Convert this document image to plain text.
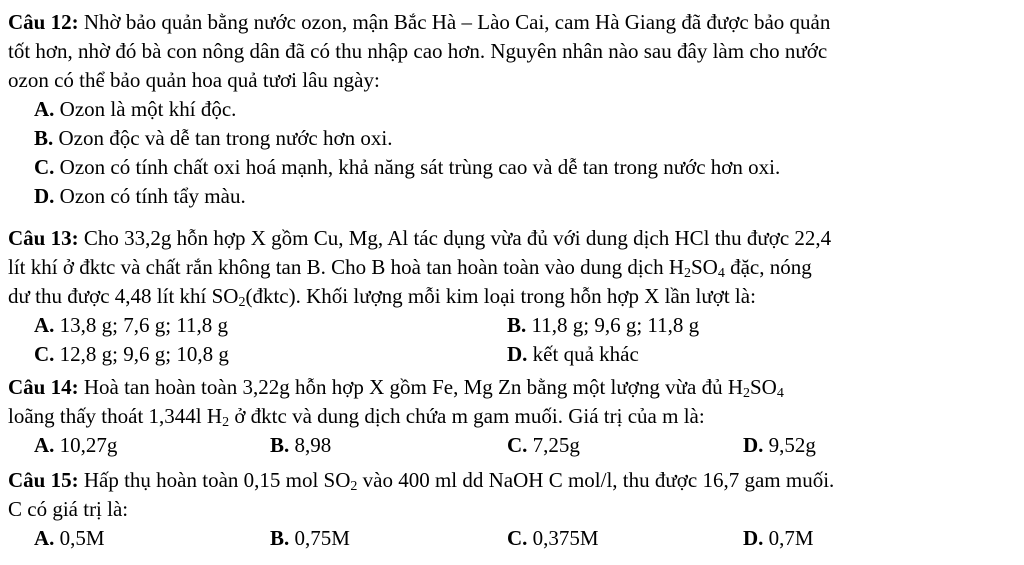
Câu 12: Nhờ bảo quản bằng nước ozon, mận Bắc Hà – Lào Cai, cam Hà Giang đã được bảo quản

tốt hơn, nhờ đó bà con nông dân đã có thu nhập cao hơn. Nguyên nhân nào sau đây làm cho nước

ozon có thể bảo quản hoa quả tươi lâu ngày:

A. Ozon là một khí độc.

B. Ozon độc và dễ tan trong nước hơn oxi.

C. Ozon có tính chất oxi hoá mạnh, khả năng sát trùng cao và dễ tan trong nước hơn oxi.

D. Ozon có tính tẩy màu.

Câu 13: Cho 33,2g hỗn hợp X gồm Cu, Mg, Al tác dụng vừa đủ với dung dịch HCl thu được 22,4

lít khí ở đktc và chất rắn không tan B. Cho B hoà tan hoàn toàn vào dung dịch $H_2SO_4$ đặc, nóng

dư thu được 4,48 lít khí $SO_2(đktc)$. Khối lượng mỗi kim loại trong hỗn hợp X lần lượt là:

A. 13,8 g; 7,6 g; 11,8 g	B. 11,8 g; 9,6 g; 11,8 g
C. 12,8 g; 9,6 g; 10,8 g	D. kết quả khác

Câu 14: Hoà tan hoàn toàn 3,22g hỗn hợp X gồm Fe, Mg Zn bằng một lượng vừa đủ $H_2SO_4$

loãng thấy thoát 1,344l $H_2$ ở đktc và dung dịch chứa m gam muối. Giá trị của m là:

A. 10,27g	B. 8,98	C. 7,25g	D. 9,52g

Câu 15: Hấp thụ hoàn toàn 0,15 mol $SO_2$ vào 400 ml dd NaOH C mol/l, thu được 16,7 gam muối.

C có giá trị là:

A. 0,5M	B. 0,75M	C. 0,375M	D. 0,7M
